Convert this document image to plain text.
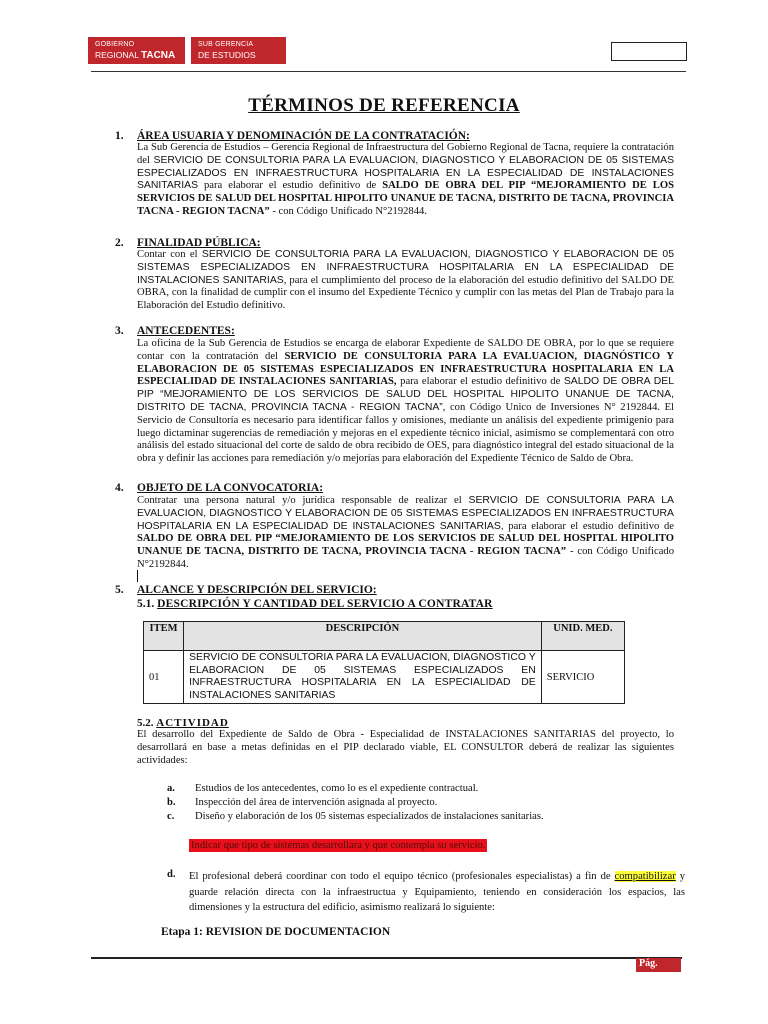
GOBIERNO
REGIONAL TACNA
SUB GERENCIA
DE ESTUDIOS
TÉRMINOS DE REFERENCIA
1. ÁREA USUARIA Y DENOMINACIÓN DE LA CONTRATACIÓN:
La Sub Gerencia de Estudios – Gerencia Regional de Infraestructura del Gobierno Regional de Tacna, requiere la contratación del SERVICIO DE CONSULTORIA PARA LA EVALUACION, DIAGNOSTICO Y ELABORACION DE 05 SISTEMAS ESPECIALIZADOS EN INFRAESTRUCTURA HOSPITALARIA EN LA ESPECIALIDAD DE INSTALACIONES SANITARIAS para elaborar el estudio definitivo de SALDO DE OBRA DEL PIP “MEJORAMIENTO DE LOS SERVICIOS DE SALUD DEL HOSPITAL HIPOLITO UNANUE DE TACNA, DISTRITO DE TACNA, PROVINCIA TACNA - REGION TACNA” - con Código Unificado N°2192844.
2. FINALIDAD PÚBLICA:
Contar con el SERVICIO DE CONSULTORIA PARA LA EVALUACION, DIAGNOSTICO Y ELABORACION DE 05 SISTEMAS ESPECIALIZADOS EN INFRAESTRUCTURA HOSPITALARIA EN LA ESPECIALIDAD DE INSTALACIONES SANITARIAS, para el cumplimiento del proceso de la elaboración del estudio definitivo del SALDO DE OBRA, con la finalidad de cumplir con el insumo del Expediente Técnico y cumplir con las metas del Plan de Trabajo para la Elaboración del Estudio definitivo.
3. ANTECEDENTES:
La oficina de la Sub Gerencia de Estudios se encarga de elaborar Expediente de SALDO DE OBRA, por lo que se requiere contar con la contratación del SERVICIO DE CONSULTORIA PARA LA EVALUACION, DIAGNÓSTICO Y ELABORACION DE 05 SISTEMAS ESPECIALIZADOS EN INFRAESTRUCTURA HOSPITALARIA EN LA ESPECIALIDAD DE INSTALACIONES SANITARIAS, para elaborar el estudio definitivo de SALDO DE OBRA DEL PIP “MEJORAMIENTO DE LOS SERVICIOS DE SALUD DEL HOSPITAL HIPOLITO UNANUE DE TACNA, DISTRITO DE TACNA, PROVINCIA TACNA - REGION TACNA”, con Código Unico de Inversiones N° 2192844. El Servicio de Consultoría es necesario para identificar fallos y omisiones, mediante un análisis del expediente primigenio para luego dictaminar sugerencias de remediación y mejoras en el expediente técnico inicial, asimismo se complementará con otro análisis del estado situacional del corte de saldo de obra recibido de OES, para diagnóstico integral del estado situacional de la obra y definir las acciones para remediación y/o mejorías para elaboración del Expediente Técnico de Saldo de Obra.
4. OBJETO DE LA CONVOCATORIA:
Contratar una persona natural y/o jurídica responsable de realizar el SERVICIO DE CONSULTORIA PARA LA EVALUACION, DIAGNOSTICO Y ELABORACION DE 05 SISTEMAS ESPECIALIZADOS EN INFRAESTRUCTURA HOSPITALARIA EN LA ESPECIALIDAD DE INSTALACIONES SANITARIAS, para elaborar el estudio definitivo de SALDO DE OBRA DEL PIP “MEJORAMIENTO DE LOS SERVICIOS DE SALUD DEL HOSPITAL HIPOLITO UNANUE DE TACNA, DISTRITO DE TACNA, PROVINCIA TACNA - REGION TACNA” - con Código Unificado N°2192844.
5. ALCANCE Y DESCRIPCIÓN DEL SERVICIO:
5.1. DESCRIPCIÓN Y CANTIDAD DEL SERVICIO A CONTRATAR
ITEM	DESCRIPCIÓN	UNID. MED.
01	SERVICIO DE CONSULTORIA PARA LA EVALUACION, DIAGNOSTICO Y ELABORACION DE 05 SISTEMAS ESPECIALIZADOS EN INFRAESTRUCTURA HOSPITALARIA EN LA ESPECIALIDAD DE INSTALACIONES SANITARIAS	SERVICIO
5.2. ACTIVIDAD
El desarrollo del Expediente de Saldo de Obra - Especialidad de INSTALACIONES SANITARIAS del proyecto, lo desarrollará en base a metas definidas en el PIP declarado viable, EL CONSULTOR deberá de realizar las siguientes actividades:
a. Estudios de los antecedentes, como lo es el expediente contractual.
b. Inspección del área de intervención asignada al proyecto.
c. Diseño y elaboración de los 05 sistemas especializados de instalaciones sanitarias.
Indicar que tipo de sistemas desarrollara y que contempla su servicio.
d. El profesional deberá coordinar con todo el equipo técnico (profesionales especialistas) a fin de compatibilizar y guarde relación directa con la infraestructua y Equipamiento, teniendo en consideración los espacios, las dimensiones y la estructura del edificio, asimismo realizará lo siguiente:
Etapa 1: REVISION DE DOCUMENTACION
Pág.
